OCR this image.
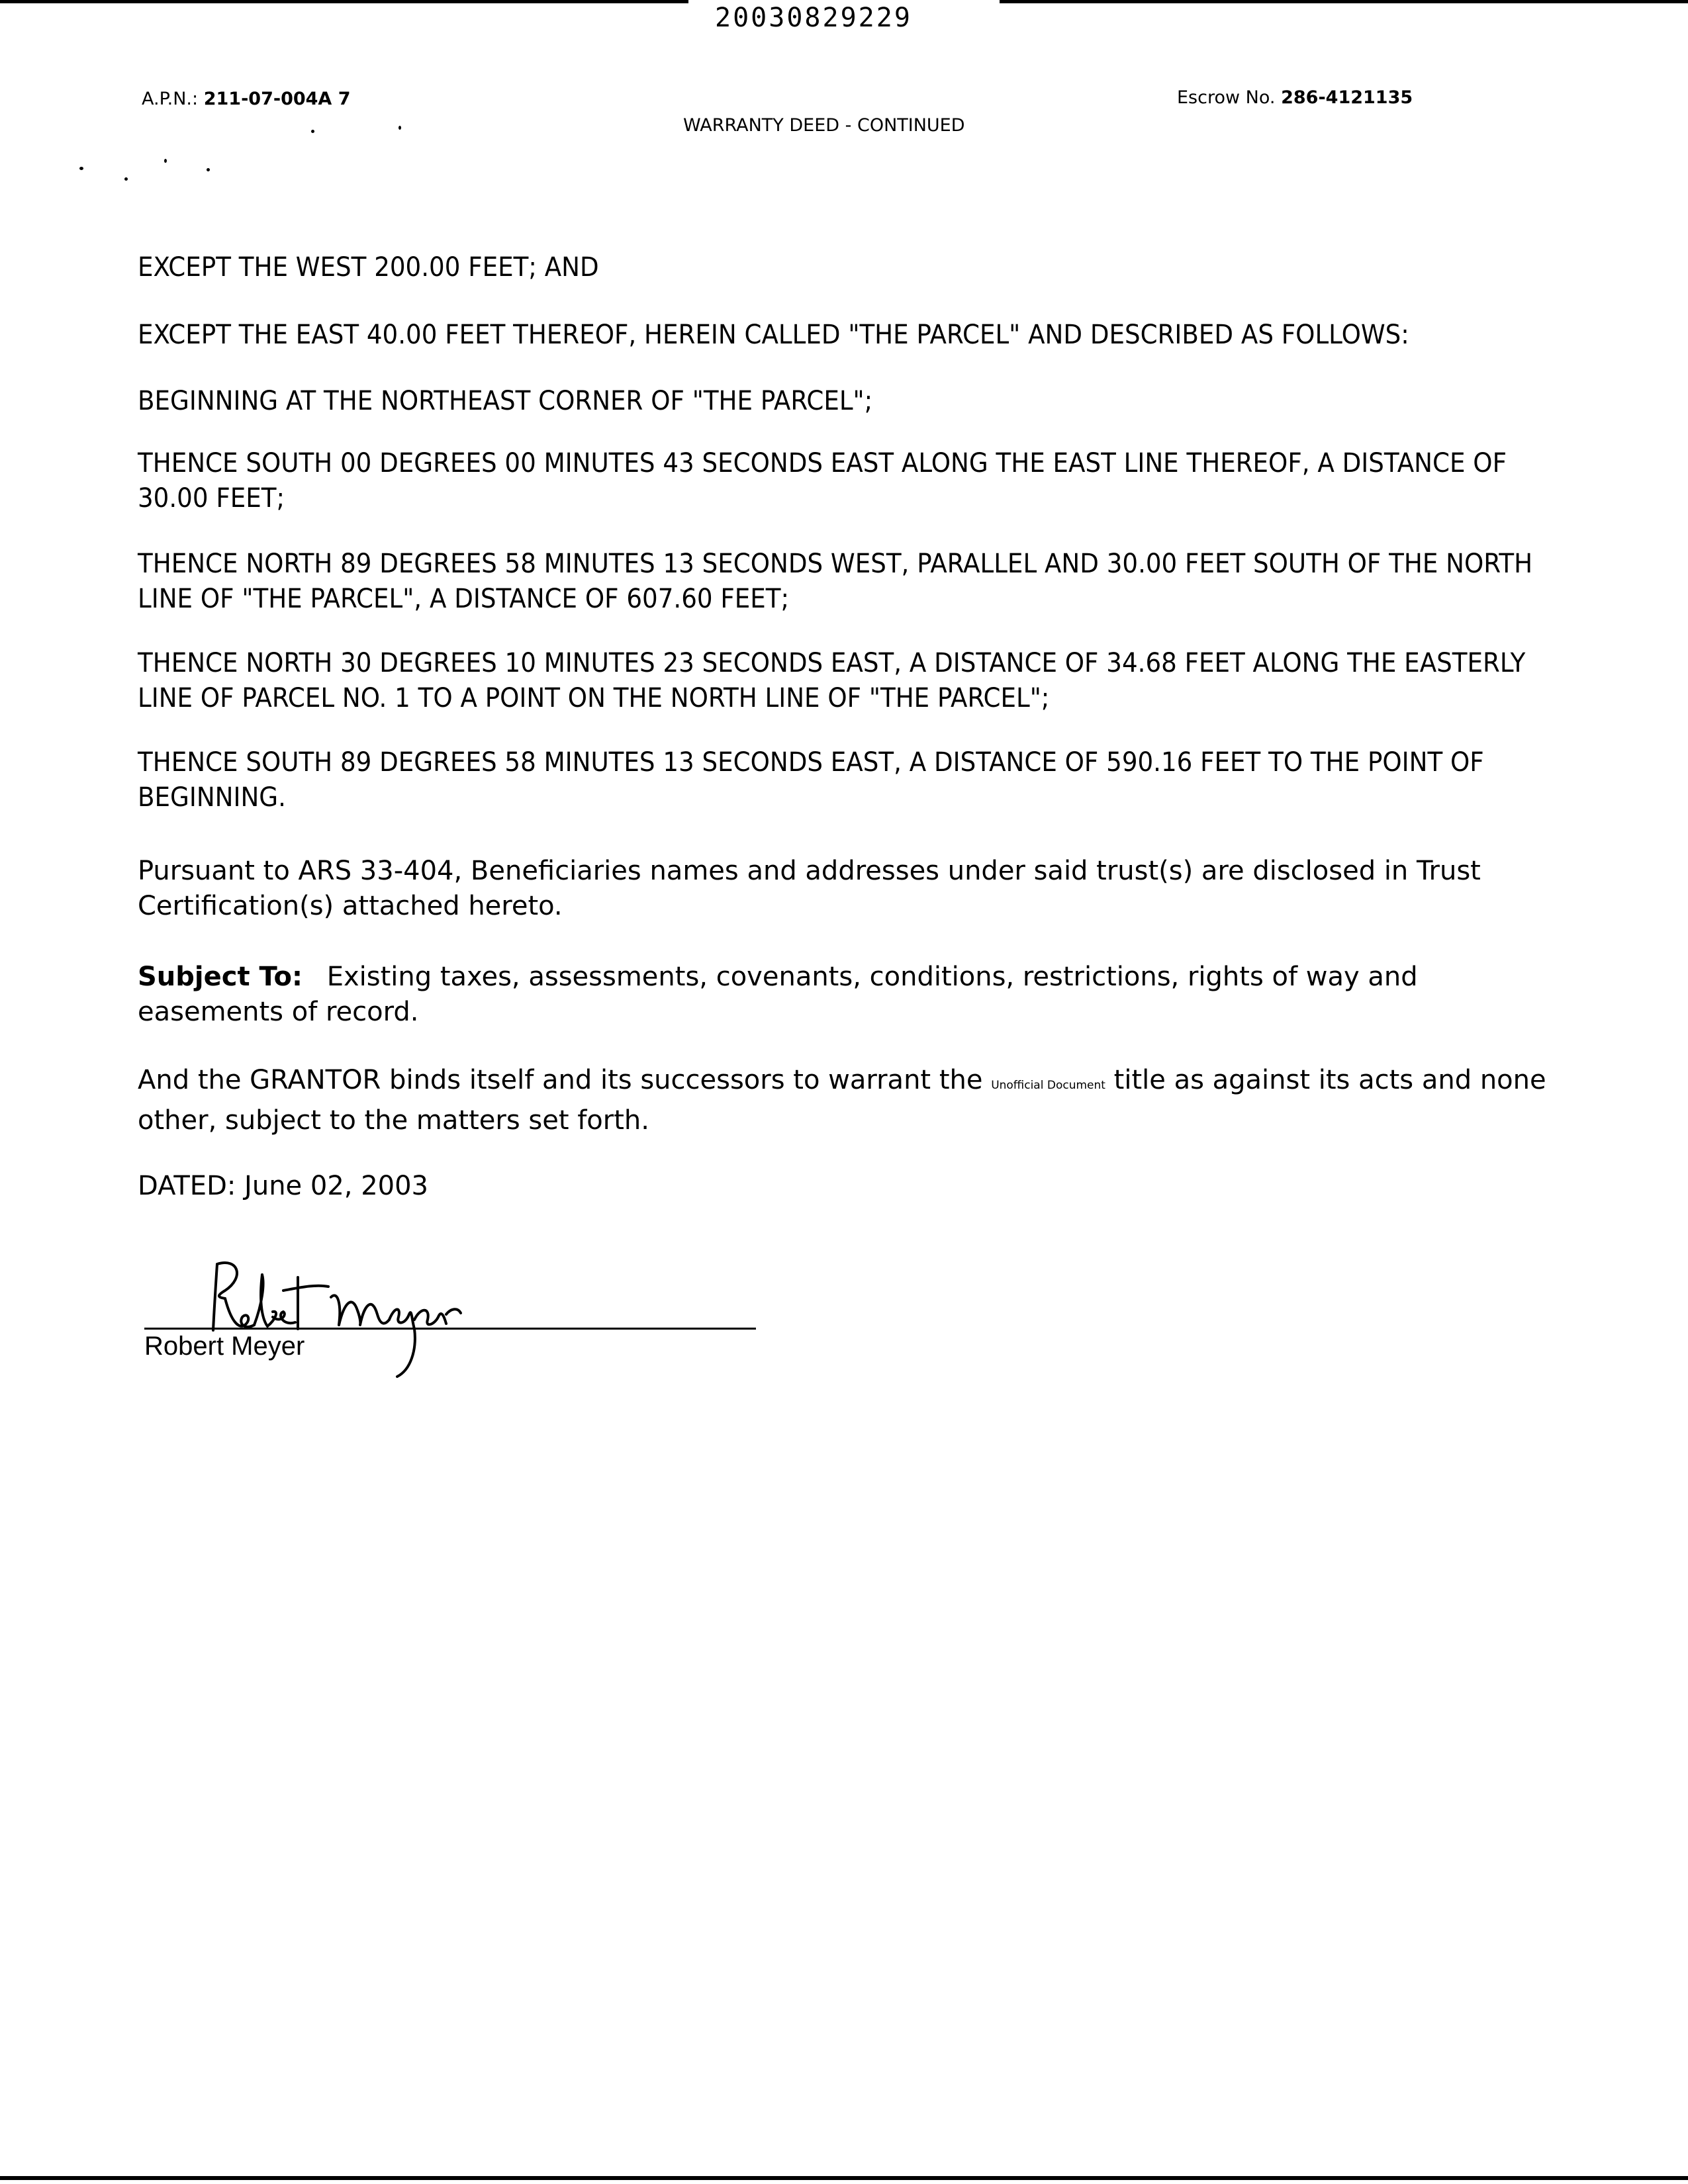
20030829229
A.P.N.: 211-07-004A 7	Escrow No. 286-4121135
WARRANTY DEED - CONTINUED

EXCEPT THE WEST 200.00 FEET; AND

EXCEPT THE EAST 40.00 FEET THEREOF, HEREIN CALLED "THE PARCEL" AND DESCRIBED AS FOLLOWS:

BEGINNING AT THE NORTHEAST CORNER OF "THE PARCEL";

THENCE SOUTH 00 DEGREES 00 MINUTES 43 SECONDS EAST ALONG THE EAST LINE THEREOF, A DISTANCE OF 30.00 FEET;

THENCE NORTH 89 DEGREES 58 MINUTES 13 SECONDS WEST, PARALLEL AND 30.00 FEET SOUTH OF THE NORTH LINE OF "THE PARCEL", A DISTANCE OF 607.60 FEET;

THENCE NORTH 30 DEGREES 10 MINUTES 23 SECONDS EAST, A DISTANCE OF 34.68 FEET ALONG THE EASTERLY LINE OF PARCEL NO. 1 TO A POINT ON THE NORTH LINE OF "THE PARCEL";

THENCE SOUTH 89 DEGREES 58 MINUTES 13 SECONDS EAST, A DISTANCE OF 590.16 FEET TO THE POINT OF BEGINNING.

Pursuant to ARS 33-404, Beneficiaries names and addresses under said trust(s) are disclosed in Trust Certification(s) attached hereto.

Subject To: Existing taxes, assessments, covenants, conditions, restrictions, rights of way and easements of record.

And the GRANTOR binds itself and its successors to warrant the Unofficial Document title as against its acts and none other, subject to the matters set forth.

DATED: June 02, 2003

Robert Meyer
